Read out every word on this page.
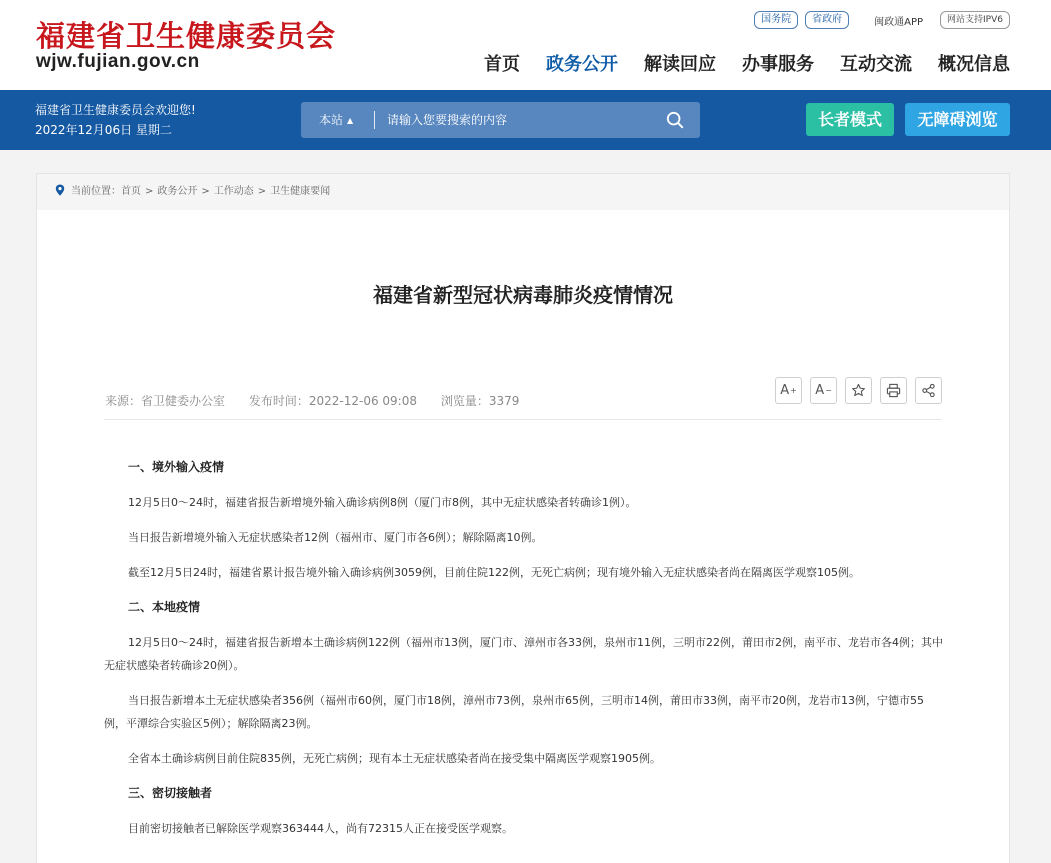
福建省卫生健康委员会
wjw.fujian.gov.cn
国务院	省政府	闽政通APP	网站支持IPV6
首页 政务公开 解读回应 办事服务 互动交流 概况信息
福建省卫生健康委员会欢迎您!
2022年12月06日 星期二
本站 ▲︎
请输入您要搜索的内容	长者模式	无障碍浏览
当前位置：首页 > 政务公开 > 工作动态 > 卫生健康要闻
福建省新型冠状病毒肺炎疫情情况
来源：省卫健委办公室 发布时间：2022-12-06 09:08 浏览量：3379
A +	A −
一、境外输入疫情
12月5日0～24时，福建省报告新增境外输入确诊病例8例（厦门市8例，其中无症状感染者转确诊1例）。
当日报告新增境外输入无症状感染者12例（福州市、厦门市各6例）；解除隔离10例。
截至12月5日24时，福建省累计报告境外输入确诊病例3059例，目前住院122例，无死亡病例；现有境外输入无症状感染者尚在隔离医学观察105例。
二、本地疫情
12月5日0～24时，福建省报告新增本土确诊病例122例（福州市13例，厦门市、漳州市各33例，泉州市11例，三明市22例，莆田市2例，南平市、龙岩市各4例；其中无症状感染者转确诊20例）。
当日报告新增本土无症状感染者356例（福州市60例，厦门市18例，漳州市73例，泉州市65例，三明市14例，莆田市33例，南平市20例，龙岩市13例，宁德市55例，平潭综合实验区5例）；解除隔离23例。
全省本土确诊病例目前住院835例，无死亡病例；现有本土无症状感染者尚在接受集中隔离医学观察1905例。
三、密切接触者
目前密切接触者已解除医学观察363444人，尚有72315人正在接受医学观察。
